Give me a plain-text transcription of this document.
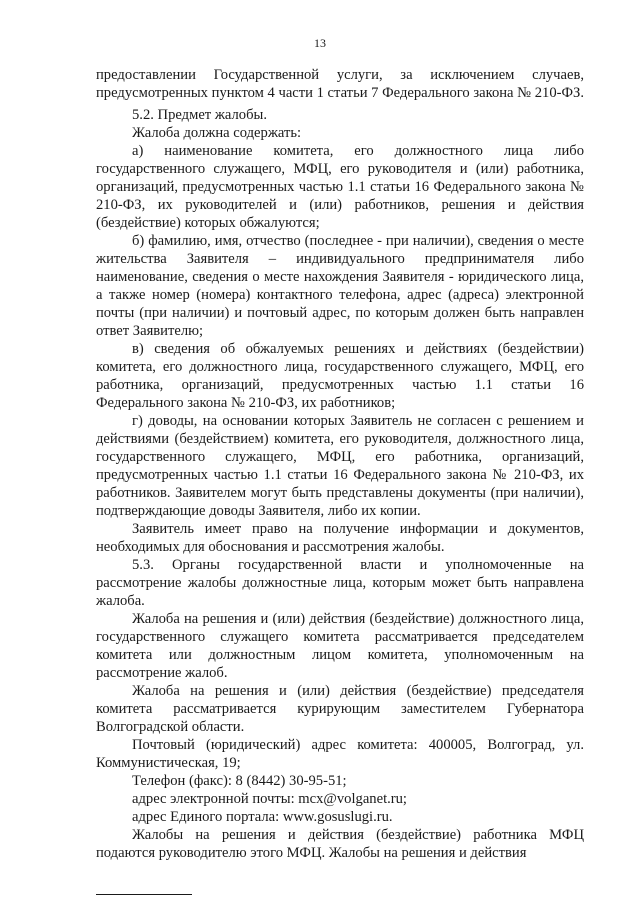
13

предоставлении Государственной услуги, за исключением случаев, предусмотренных пунктом 4 части 1 статьи 7 Федерального закона № 210-ФЗ.

5.2. Предмет жалобы.

Жалоба должна содержать:

а) наименование комитета, его должностного лица либо государственного служащего, МФЦ, его руководителя и (или) работника, организаций, предусмотренных частью 1.1 статьи 16 Федерального закона № 210-ФЗ, их руководителей и (или) работников, решения и действия (бездействие) которых обжалуются;

б) фамилию, имя, отчество (последнее - при наличии), сведения о месте жительства Заявителя – индивидуального предпринимателя либо наименование, сведения о месте нахождения Заявителя - юридического лица, а также номер (номера) контактного телефона, адрес (адреса) электронной почты (при наличии) и почтовый адрес, по которым должен быть направлен ответ Заявителю;

в) сведения об обжалуемых решениях и действиях (бездействии) комитета, его должностного лица, государственного служащего, МФЦ, его работника, организаций, предусмотренных частью 1.1 статьи 16 Федерального закона № 210-ФЗ, их работников;

г) доводы, на основании которых Заявитель не согласен с решением и действиями (бездействием) комитета, его руководителя, должностного лица, государственного служащего, МФЦ, его работника, организаций, предусмотренных частью 1.1 статьи 16 Федерального закона № 210-ФЗ, их работников. Заявителем могут быть представлены документы (при наличии), подтверждающие доводы Заявителя, либо их копии.

Заявитель имеет право на получение информации и документов, необходимых для обоснования и рассмотрения жалобы.

5.3. Органы государственной власти и уполномоченные на рассмотрение жалобы должностные лица, которым может быть направлена жалоба.

Жалоба на решения и (или) действия (бездействие) должностного лица, государственного служащего комитета рассматривается председателем комитета или должностным лицом комитета, уполномоченным на рассмотрение жалоб.

Жалоба на решения и (или) действия (бездействие) председателя комитета рассматривается курирующим заместителем Губернатора Волгоградской области.

Почтовый (юридический) адрес комитета: 400005, Волгоград, ул. Коммунистическая, 19;

Телефон (факс): 8 (8442) 30-95-51;

адрес электронной почты: mcx@volganet.ru;

адрес Единого портала: www.gosuslugi.ru.

Жалобы на решения и действия (бездействие) работника МФЦ подаются руководителю этого МФЦ. Жалобы на решения и действия
